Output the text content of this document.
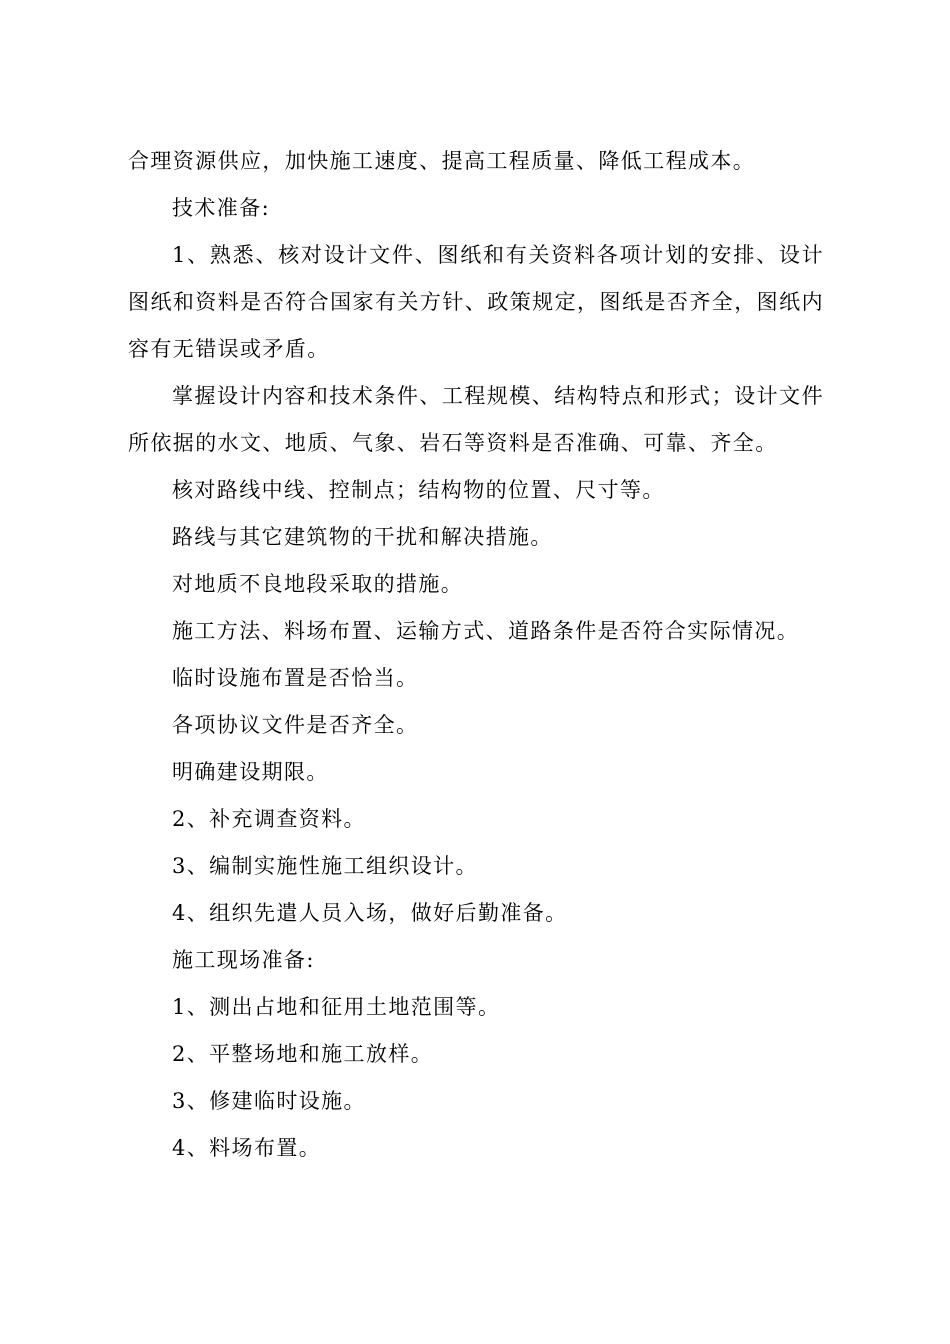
合理资源供应，加快施工速度、提高工程质量、降低工程成本。

技术准备:

1、熟悉、核对设计文件、图纸和有关资料各项计划的安排、设计图纸和资料是否符合国家有关方针、政策规定，图纸是否齐全，图纸内容有无错误或矛盾。

掌握设计内容和技术条件、工程规模、结构特点和形式；设计文件所依据的水文、地质、气象、岩石等资料是否准确、可靠、齐全。

核对路线中线、控制点；结构物的位置、尺寸等。

路线与其它建筑物的干扰和解决措施。

对地质不良地段采取的措施。

施工方法、料场布置、运输方式、道路条件是否符合实际情况。

临时设施布置是否恰当。

各项协议文件是否齐全。

明确建设期限。

2、补充调查资料。

3、编制实施性施工组织设计。

4、组织先遣人员入场，做好后勤准备。

施工现场准备:

1、测出占地和征用土地范围等。

2、平整场地和施工放样。

3、修建临时设施。

4、料场布置。
